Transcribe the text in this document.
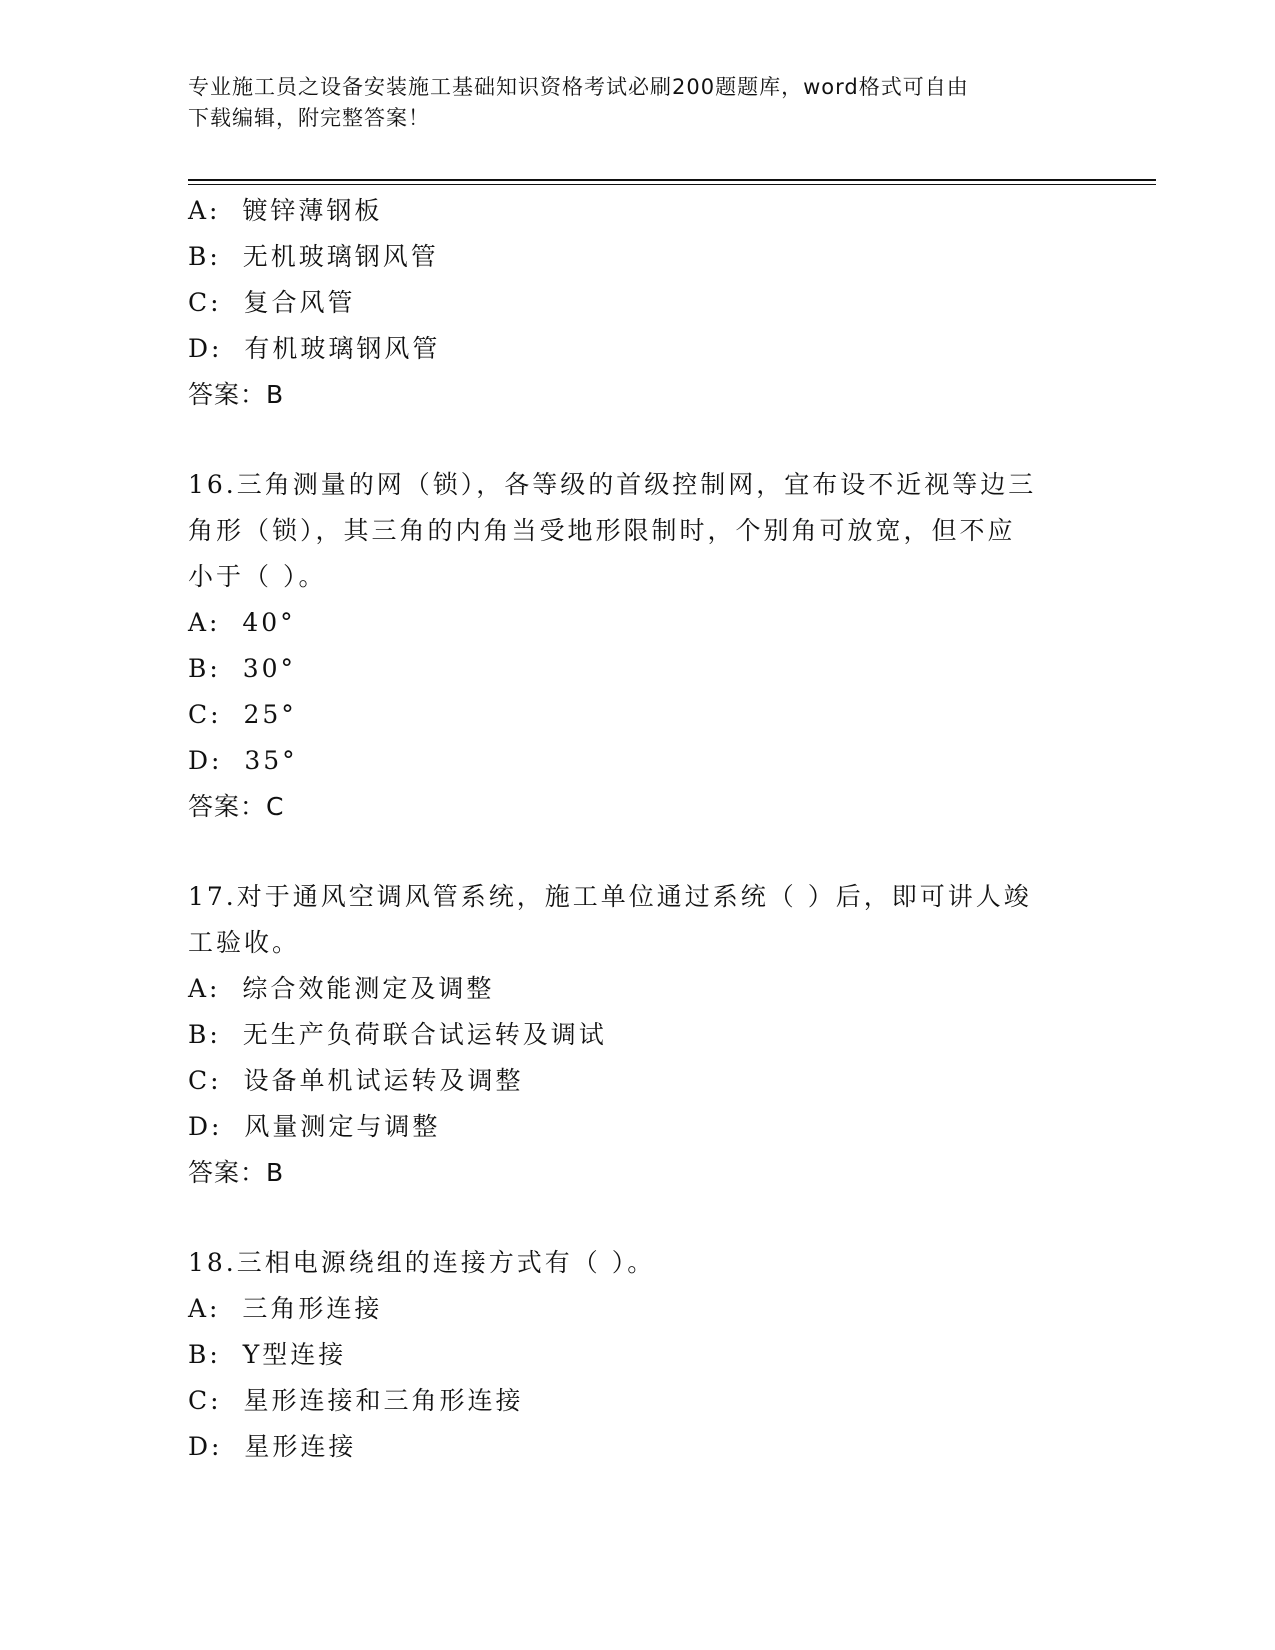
专业施工员之设备安装施工基础知识资格考试必刷200题题库，word格式可自由
下载编辑，附完整答案！
A:  镀锌薄钢板
B:  无机玻璃钢风管
C:  复合风管
D:  有机玻璃钢风管
答案：B
16.三角测量的网（锁），各等级的首级控制网，宜布设不近视等边三
角形（锁），其三角的内角当受地形限制时，个别角可放宽，但不应
小于（ ）。
A:  40°
B:  30°
C:  25°
D:  35°
答案：C
17.对于通风空调风管系统，施工单位通过系统（ ）后，即可讲人竣
工验收。
A:  综合效能测定及调整
B:  无生产负荷联合试运转及调试
C:  设备单机试运转及调整
D:  风量测定与调整
答案：B
18.三相电源绕组的连接方式有（ ）。
A:  三角形连接
B:  Y型连接
C:  星形连接和三角形连接
D:  星形连接
